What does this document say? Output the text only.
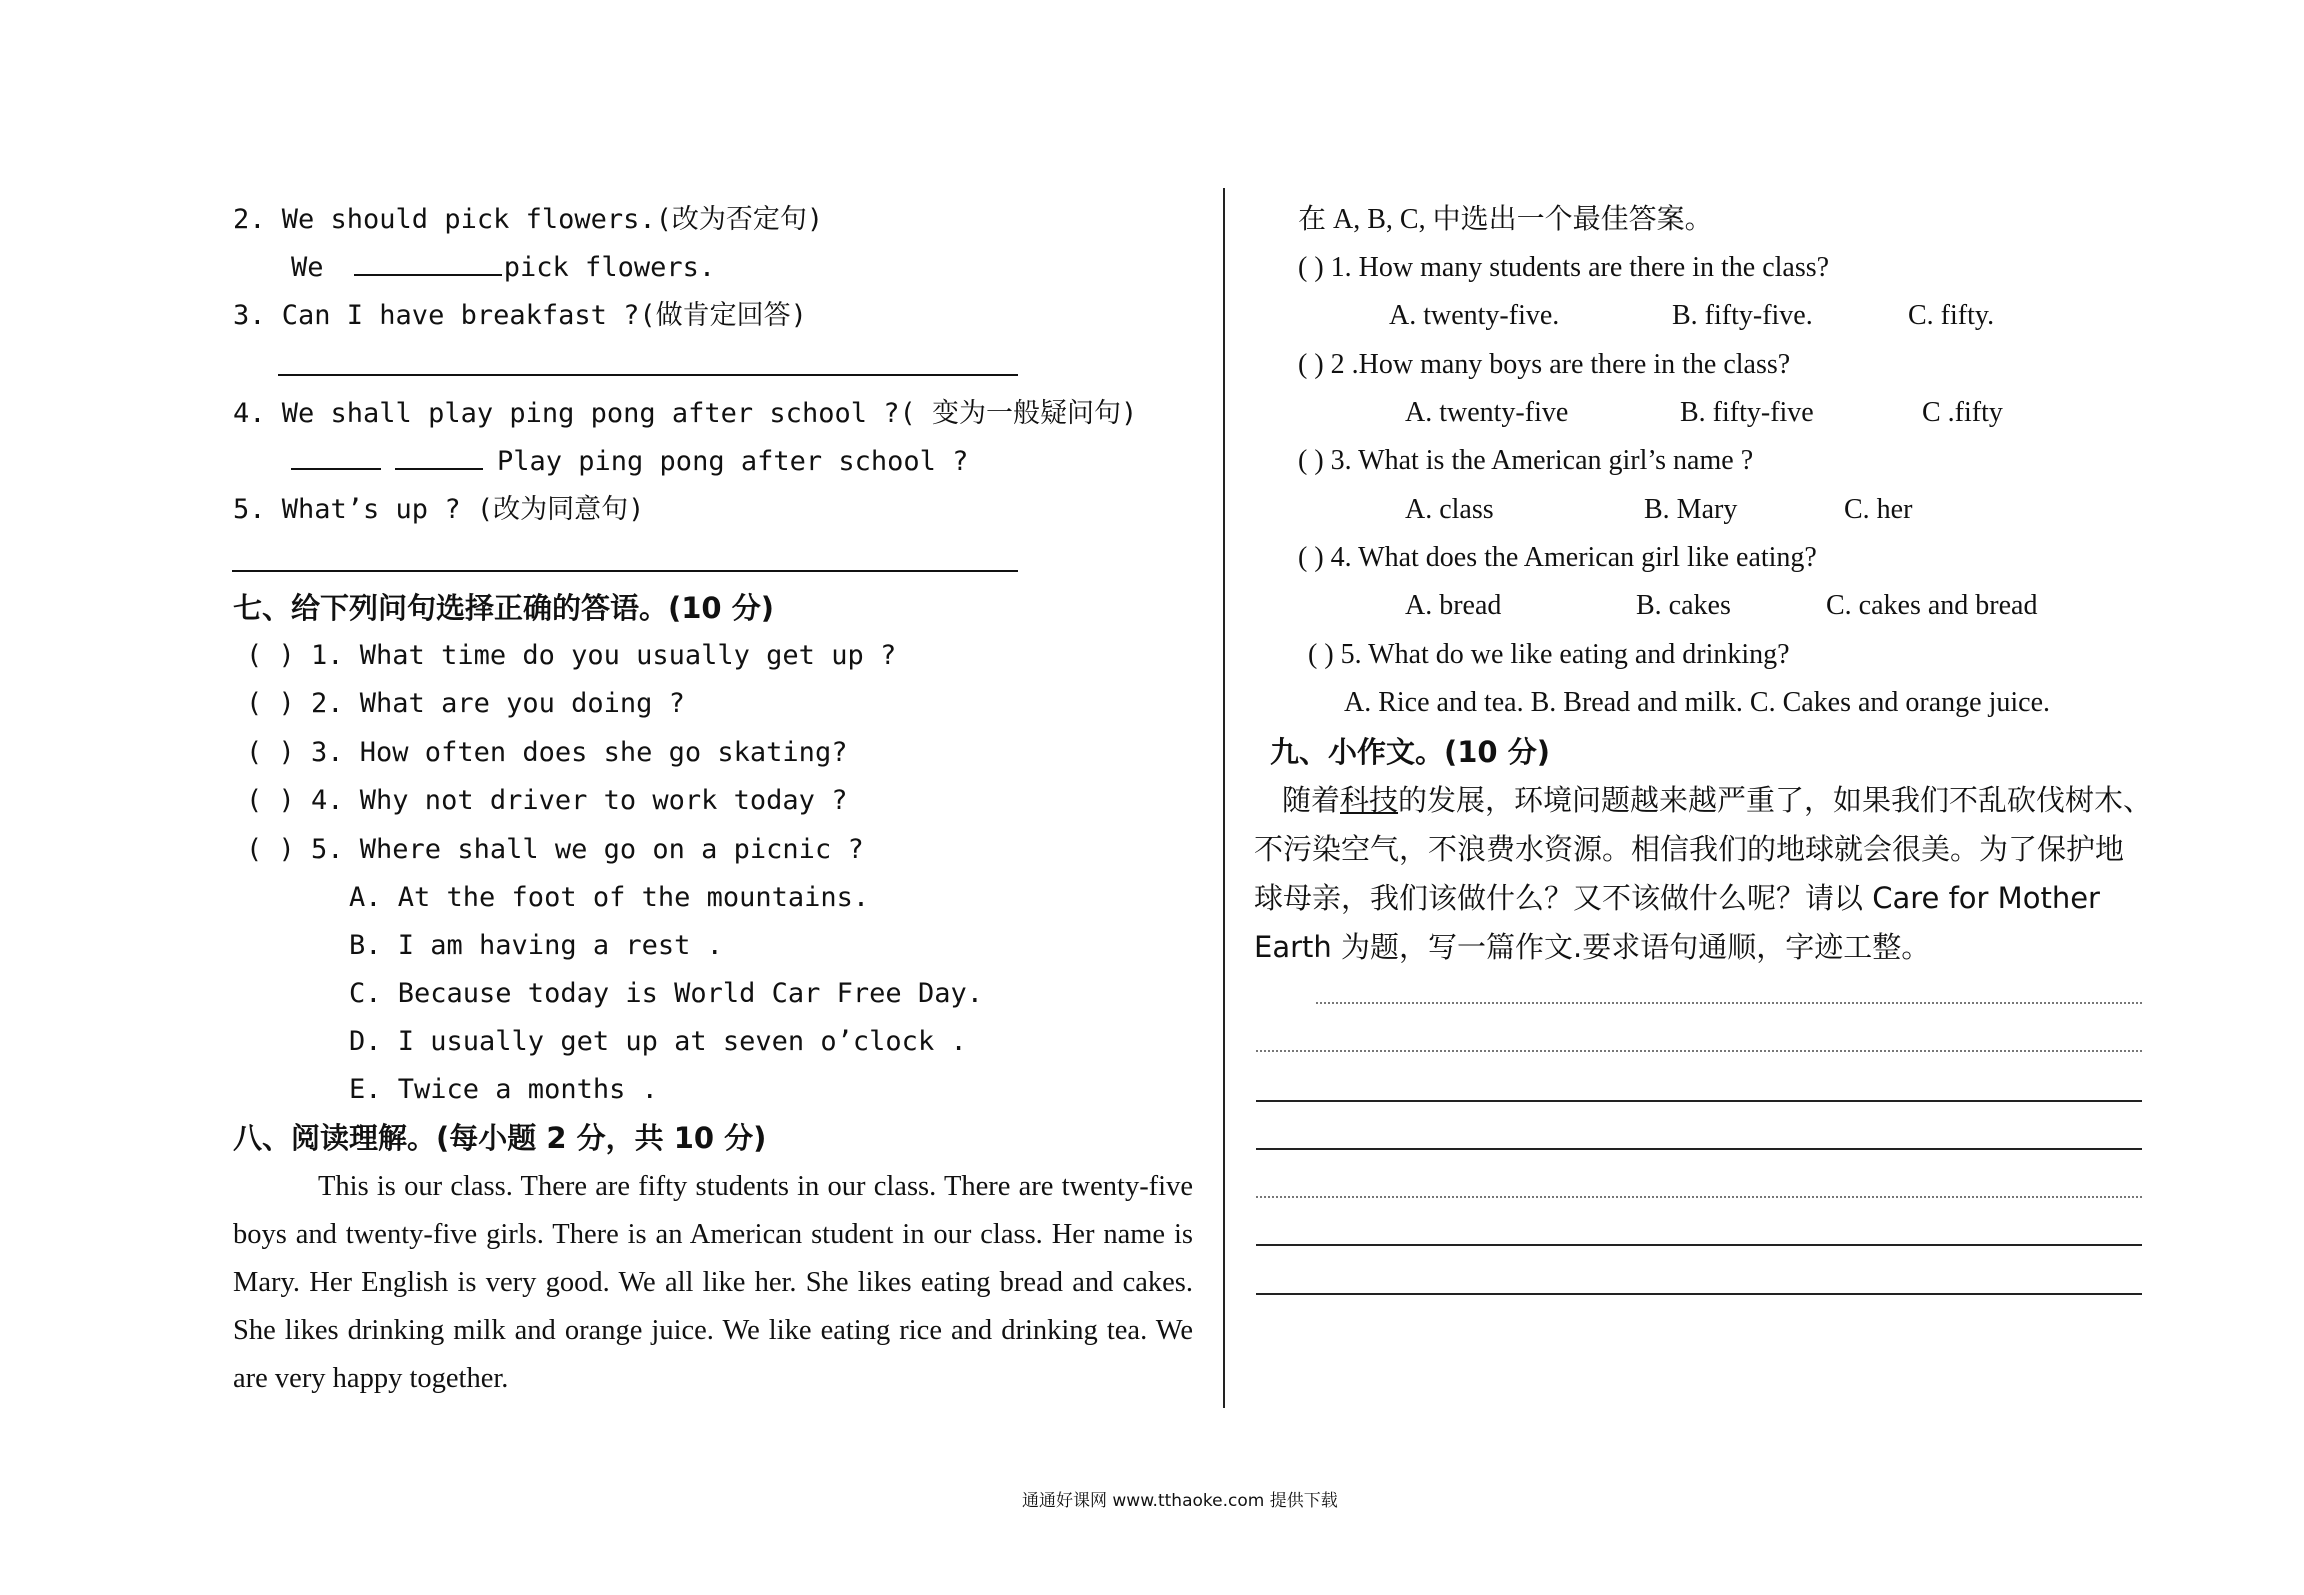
2. We should pick flowers.(改为否定句)
We	pick flowers.
3. Can I have breakfast ?(做肯定回答)
4. We shall play ping pong after school ?( 变为一般疑问句)
Play ping pong after school ?
5. What’s up ? (改为同意句)
七、给下列问句选择正确的答语。(10 分)
( ) 1. What time do you usually get up ?
( ) 2. What are you doing ?
( ) 3. How often does she go skating?
( ) 4. Why not driver to work today ?
( ) 5. Where shall we go on a picnic ?
A. At the foot of the mountains.
B. I am having a rest .
C. Because today is World Car Free Day.
D. I usually get up at seven o’clock .
E. Twice a months .
八、阅读理解。(每小题 2 分，共 10 分)
This is our class. There are fifty students in our class. There are twenty-five boys and twenty-five girls. There is an American student in our class. Her name is Mary. Her English is very good. We all like her. She likes eating bread and cakes. She likes drinking milk and orange juice. We like eating rice and drinking tea. We are very happy together.
在 A, B, C, 中选出一个最佳答案。
( ) 1. How many students are there in the class?
A. twenty-five.	B. fifty-five.	C. fifty.
( ) 2 .How many boys are there in the class?
A. twenty-five	B. fifty-five	C .fifty
( ) 3. What is the American girl’s name ?
A. class	B. Mary	C. her
( ) 4. What does the American girl like eating?
A. bread	B. cakes	C. cakes and bread
( ) 5. What do we like eating and drinking?
A. Rice and tea. B. Bread and milk. C. Cakes and orange juice.
九、小作文。(10 分)
随着科技的发展，环境问题越来越严重了，如果我们不乱砍伐树木、
不污染空气，不浪费水资源。相信我们的地球就会很美。为了保护地
球母亲，我们该做什么？又不该做什么呢？请以 Care for Mother
Earth 为题，写一篇作文.要求语句通顺，字迹工整。
通通好课网 www.tthaoke.com 提供下载
